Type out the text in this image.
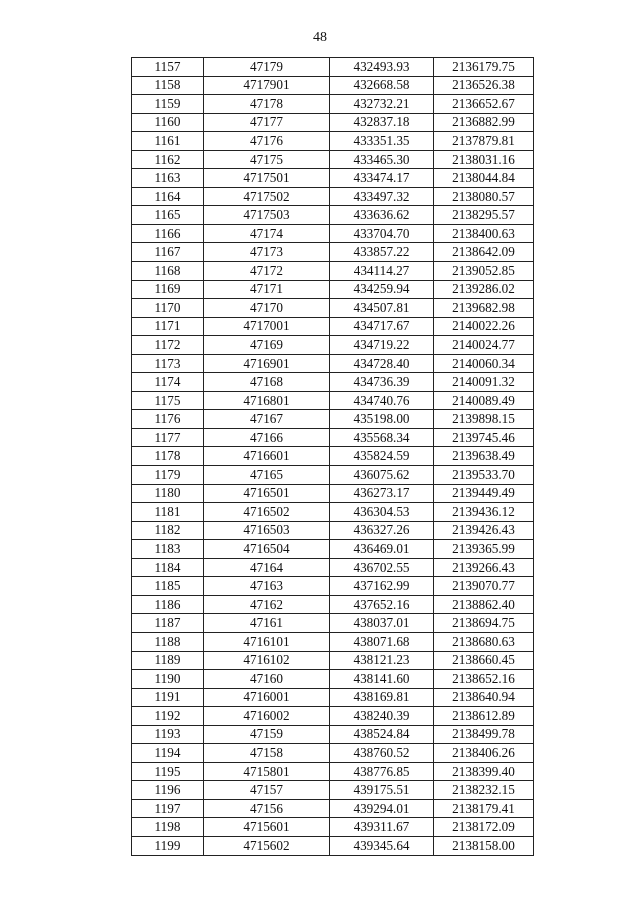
48
1157	47179	432493.93	2136179.75
1158	4717901	432668.58	2136526.38
1159	47178	432732.21	2136652.67
1160	47177	432837.18	2136882.99
1161	47176	433351.35	2137879.81
1162	47175	433465.30	2138031.16
1163	4717501	433474.17	2138044.84
1164	4717502	433497.32	2138080.57
1165	4717503	433636.62	2138295.57
1166	47174	433704.70	2138400.63
1167	47173	433857.22	2138642.09
1168	47172	434114.27	2139052.85
1169	47171	434259.94	2139286.02
1170	47170	434507.81	2139682.98
1171	4717001	434717.67	2140022.26
1172	47169	434719.22	2140024.77
1173	4716901	434728.40	2140060.34
1174	47168	434736.39	2140091.32
1175	4716801	434740.76	2140089.49
1176	47167	435198.00	2139898.15
1177	47166	435568.34	2139745.46
1178	4716601	435824.59	2139638.49
1179	47165	436075.62	2139533.70
1180	4716501	436273.17	2139449.49
1181	4716502	436304.53	2139436.12
1182	4716503	436327.26	2139426.43
1183	4716504	436469.01	2139365.99
1184	47164	436702.55	2139266.43
1185	47163	437162.99	2139070.77
1186	47162	437652.16	2138862.40
1187	47161	438037.01	2138694.75
1188	4716101	438071.68	2138680.63
1189	4716102	438121.23	2138660.45
1190	47160	438141.60	2138652.16
1191	4716001	438169.81	2138640.94
1192	4716002	438240.39	2138612.89
1193	47159	438524.84	2138499.78
1194	47158	438760.52	2138406.26
1195	4715801	438776.85	2138399.40
1196	47157	439175.51	2138232.15
1197	47156	439294.01	2138179.41
1198	4715601	439311.67	2138172.09
1199	4715602	439345.64	2138158.00
